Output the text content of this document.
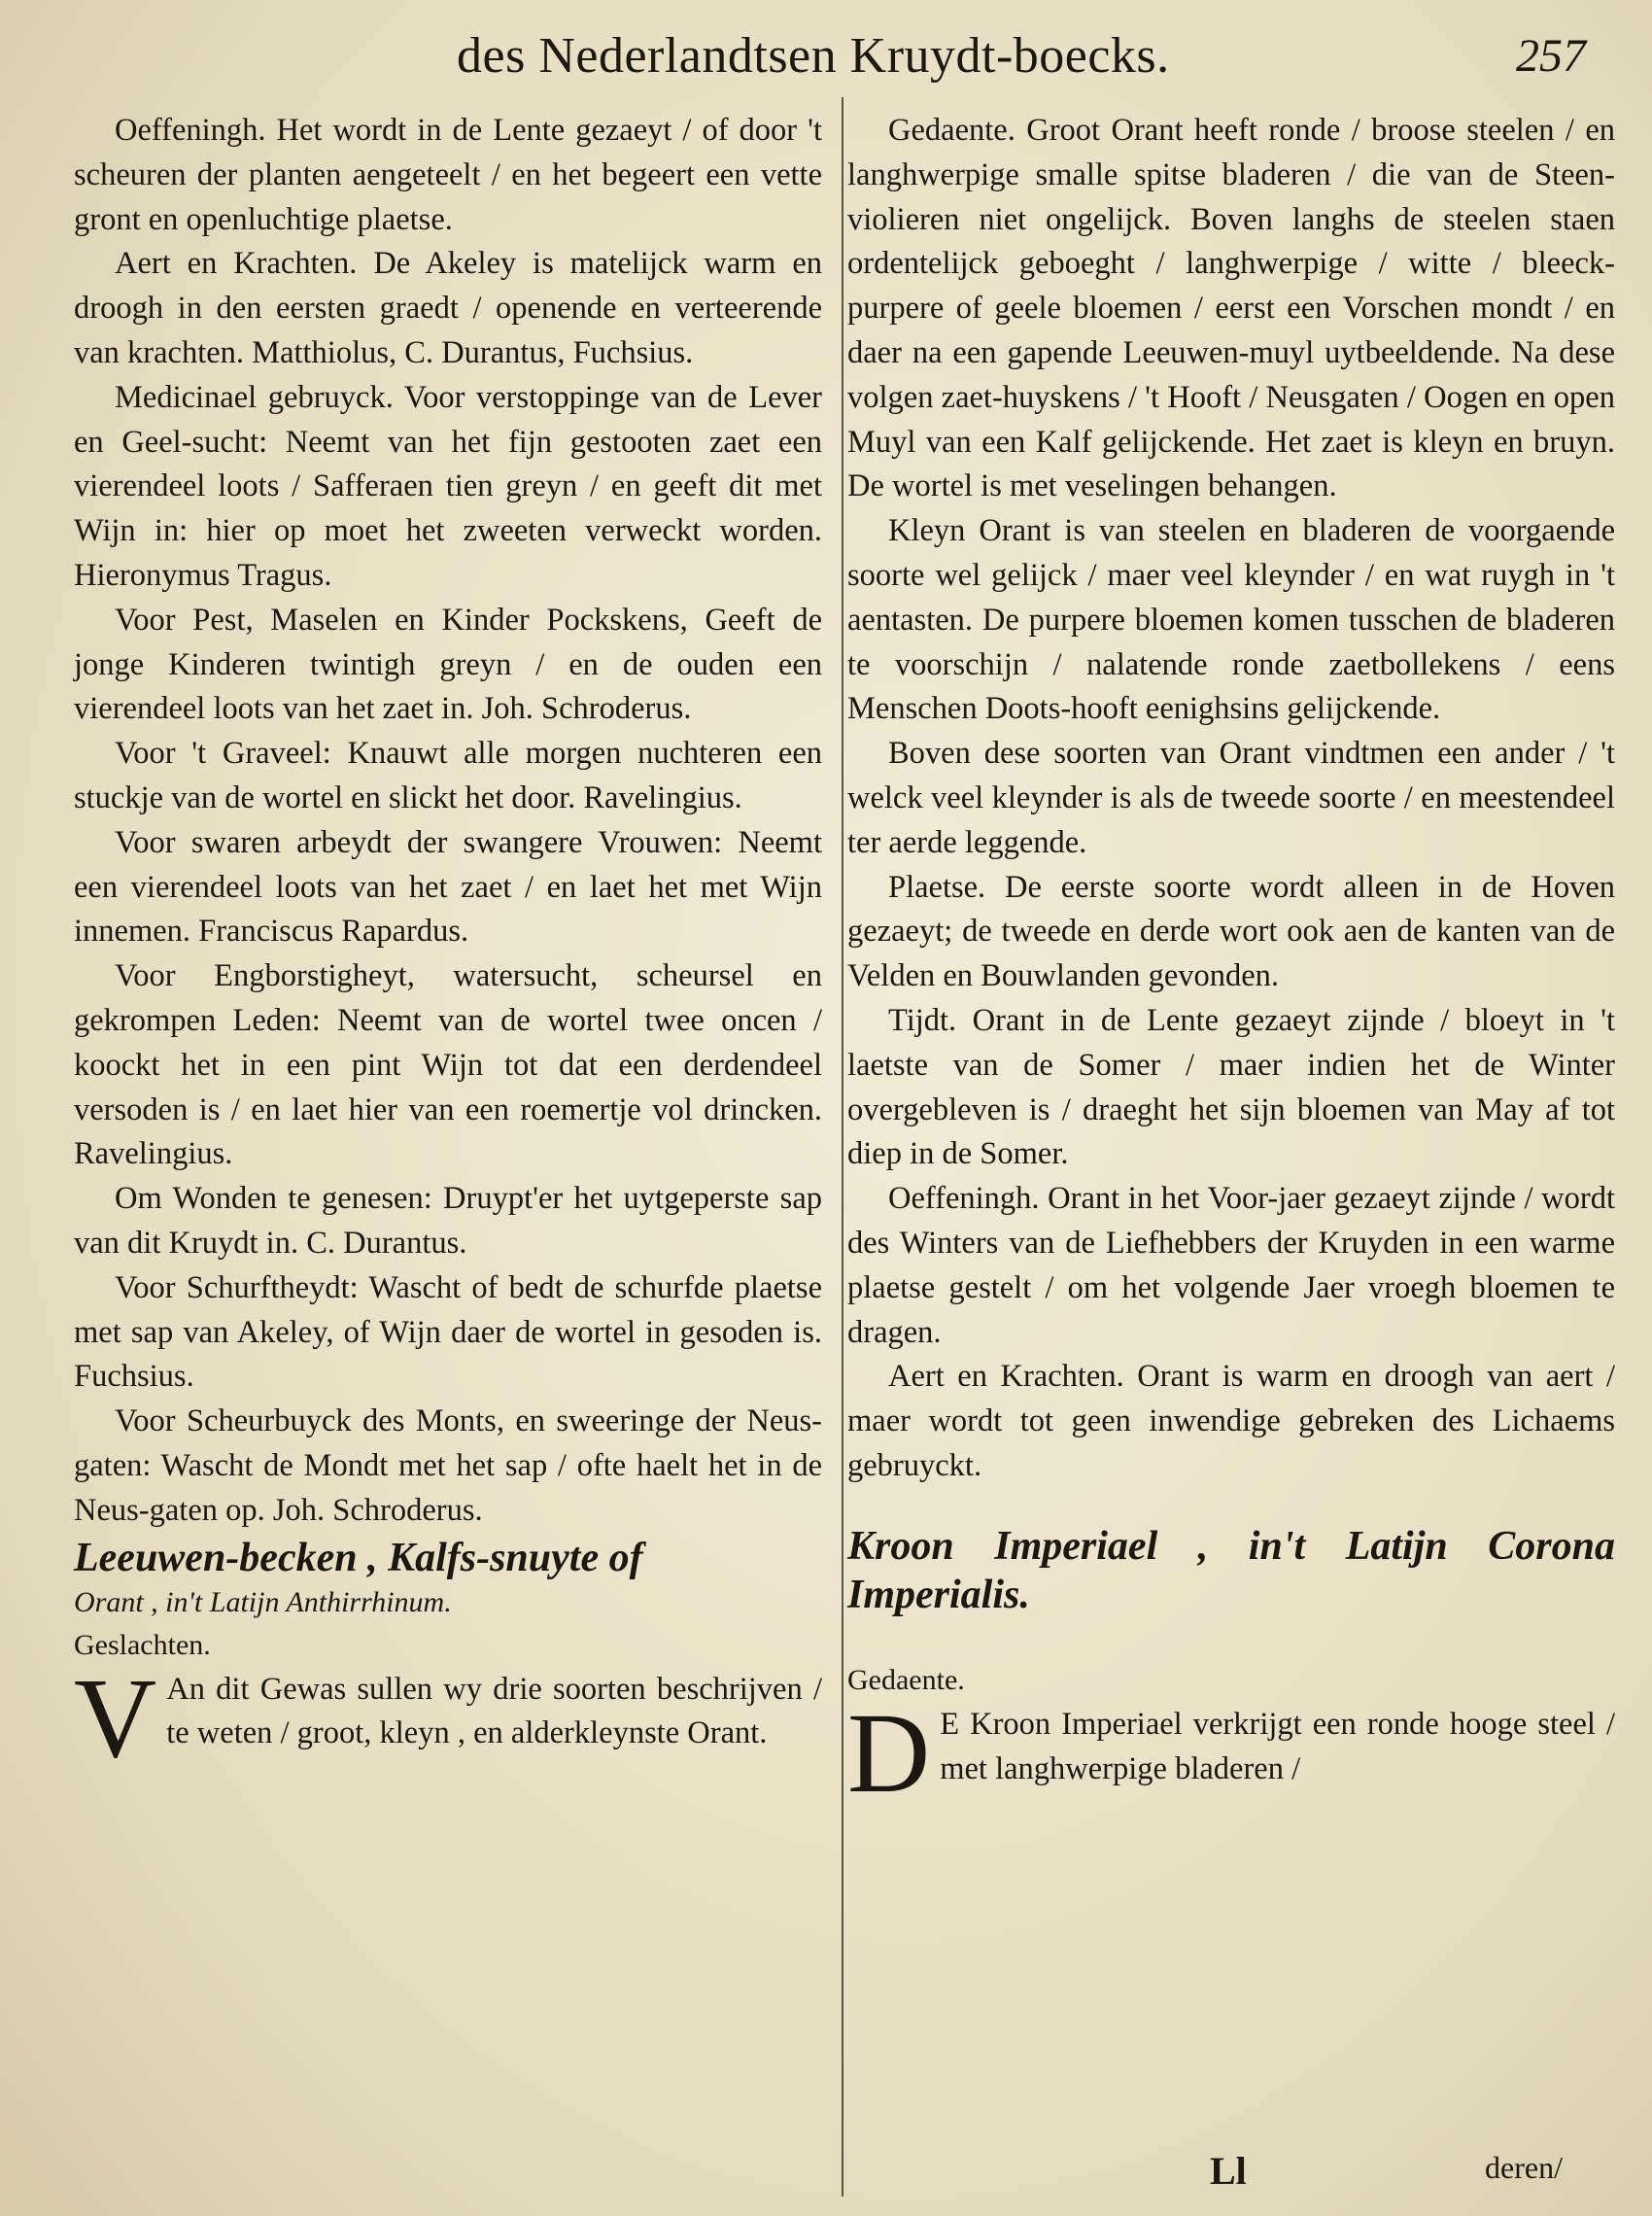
des Nederlandtsen Kruydt-boecks.	257

Oeffeningh. Het wordt in de Lente gezaeyt / of door 't scheuren der planten aengeteelt / en het begeert een vette gront en openluchtige plaetse.

Aert en Krachten. De Akeley is matelijck warm en droogh in den eersten graedt / openende en verteerende van krachten. Matthiolus, C. Durantus, Fuchsius.

Medicinael gebruyck. Voor verstoppinge van de Lever en Geel-sucht: Neemt van het fijn gestooten zaet een vierendeel loots / Safferaen tien greyn / en geeft dit met Wijn in: hier op moet het zweeten verweckt worden. Hieronymus Tragus.

Voor Pest, Maselen en Kinder Pockskens, Geeft de jonge Kinderen twintigh greyn / en de ouden een vierendeel loots van het zaet in. Joh. Schroderus.

Voor 't Graveel: Knauwt alle morgen nuchteren een stuckje van de wortel en slickt het door. Ravelingius.

Voor swaren arbeydt der swangere Vrouwen: Neemt een vierendeel loots van het zaet / en laet het met Wijn innemen. Franciscus Rapardus.

Voor Engborstigheyt, watersucht, scheursel en gekrompen Leden: Neemt van de wortel twee oncen / koockt het in een pint Wijn tot dat een derdendeel versoden is / en laet hier van een roemertje vol drincken. Ravelingius.

Om Wonden te genesen: Druypt'er het uytgeperste sap van dit Kruydt in. C. Durantus.

Voor Schurftheydt: Wascht of bedt de schurfde plaetse met sap van Akeley, of Wijn daer de wortel in gesoden is. Fuchsius.

Voor Scheurbuyck des Monts, en sweeringe der Neus-gaten: Wascht de Mondt met het sap / ofte haelt het in de Neus-gaten op. Joh. Schroderus.

Leeuwen-becken , Kalfs-snuyte of

Orant , in't Latijn Anthirrhinum.

Geslachten.

V An dit Gewas sullen wy drie soorten beschrijven / te weten / groot, kleyn , en alderkleynste Orant.

Gedaente. Groot Orant heeft ronde / broose steelen / en langhwerpige smalle spitse bladeren / die van de Steen-violieren niet ongelijck. Boven langhs de steelen staen ordentelijck geboeght / langhwerpige / witte / bleeck-purpere of geele bloemen / eerst een Vorschen mondt / en daer na een gapende Leeuwen-muyl uytbeeldende. Na dese volgen zaet-huyskens / 't Hooft / Neusgaten / Oogen en open Muyl van een Kalf gelijckende. Het zaet is kleyn en bruyn. De wortel is met veselingen behangen.

Kleyn Orant is van steelen en bladeren de voorgaende soorte wel gelijck / maer veel kleynder / en wat ruygh in 't aentasten. De purpere bloemen komen tusschen de bladeren te voorschijn / nalatende ronde zaetbollekens / eens Menschen Doots-hooft eenighsins gelijckende.

Boven dese soorten van Orant vindtmen een ander / 't welck veel kleynder is als de tweede soorte / en meestendeel ter aerde leggende.

Plaetse. De eerste soorte wordt alleen in de Hoven gezaeyt; de tweede en derde wort ook aen de kanten van de Velden en Bouwlanden gevonden.

Tijdt. Orant in de Lente gezaeyt zijnde / bloeyt in 't laetste van de Somer / maer indien het de Winter overgebleven is / draeght het sijn bloemen van May af tot diep in de Somer.

Oeffeningh. Orant in het Voor-jaer gezaeyt zijnde / wordt des Winters van de Liefhebbers der Kruyden in een warme plaetse gestelt / om het volgende Jaer vroegh bloemen te dragen.

Aert en Krachten. Orant is warm en droogh van aert / maer wordt tot geen inwendige gebreken des Lichaems gebruyckt.

Kroon Imperiael , in't Latijn Corona Imperialis.

Gedaente.

D E Kroon Imperiael verkrijgt een ronde hooge steel / met langhwerpige bladeren /

Ll	deren/
